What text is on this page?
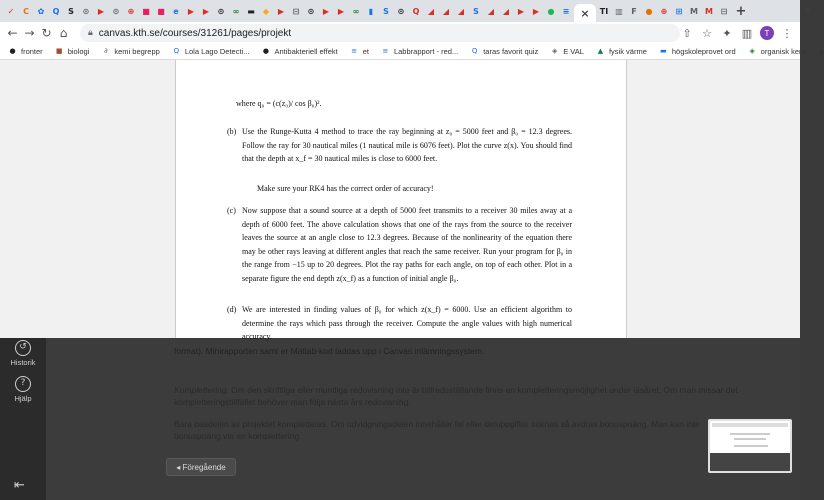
✓	C	✿	Q	S	⊙	▶	⊙	⊕ ■ ■	e	▶	▶	⊙	∞ ▬	◆	▶	⊟	⊙	▶	▶	∞	▮	S	⊙	Q	◢	◢	◢	S	◢	◢	▶	▶	●	≡	×	TI ▥	F	●	⊕	⊞ M M ⊟ +	⌄
← → ↻ ⌂ 🔒︎ canvas.kth.se/courses/31261/pages/projekt	⇧ ☆ ✦ ▥	T	⋮
● fronter ■ biologi	∂ kemi begrepp Q Lola Lago Detecti... ● Antibakteriell effekt ≡ et ≡ Labbrapport - red... Q taras favorit quiz ◈ E VAL ▲ fysik värme ▬ högskoleprovet ord ◈ organisk kemi »
↺
Historik
?
Hjälp
⇤
format). Minirapporten samt er Matlab-kod laddas upp i Canvas inlämningssystem.
Komplettering. Om den skriftliga eller muntliga redovisning inte är tillfredsställande finns en kompletteringsmöjlighet under läsåret. Om man missar det kompletteringstillfället behöver man följa nästa års redovisning.
Bara basdelen av projektet kompletteras. Om udvidgningsdelen innehåller fel eller deluppgifter saknas så avdras bonuspoäng. Man kan inte bonuspoäng via en komplettering.
◂ Föregående
where q₀ = (c(z₀)/ cos β₀)².
(b) Use the Runge-Kutta 4 method to trace the ray beginning at z₀ = 5000 feet and β₀ = 12.3 degrees. Follow the ray for 30 nautical miles (1 nautical mile is 6076 feet). Plot the curve z(x). You should find that the depth at x_f = 30 nautical miles is close to 6000 feet.
Make sure your RK4 has the correct order of accuracy!
(c) Now suppose that a sound source at a depth of 5000 feet transmits to a receiver 30 miles away at a depth of 6000 feet. The above calculation shows that one of the rays from the source to the receiver leaves the source at an angle close to 12.3 degrees. Because of the nonlinearity of the equation there may be other rays leaving at different angles that reach the same receiver. Run your program for β₀ in the range from −15 up to 20 degrees. Plot the ray paths for each angle, on top of each other. Plot in a separate figure the end depth z(x_f) as a function of initial angle β₀.
(d) We are interested in finding values of β₀ for which z(x_f) = 6000. Use an efficient algorithm to determine the rays which pass through the receiver. Compute the angle values with high numerical accuracy.
